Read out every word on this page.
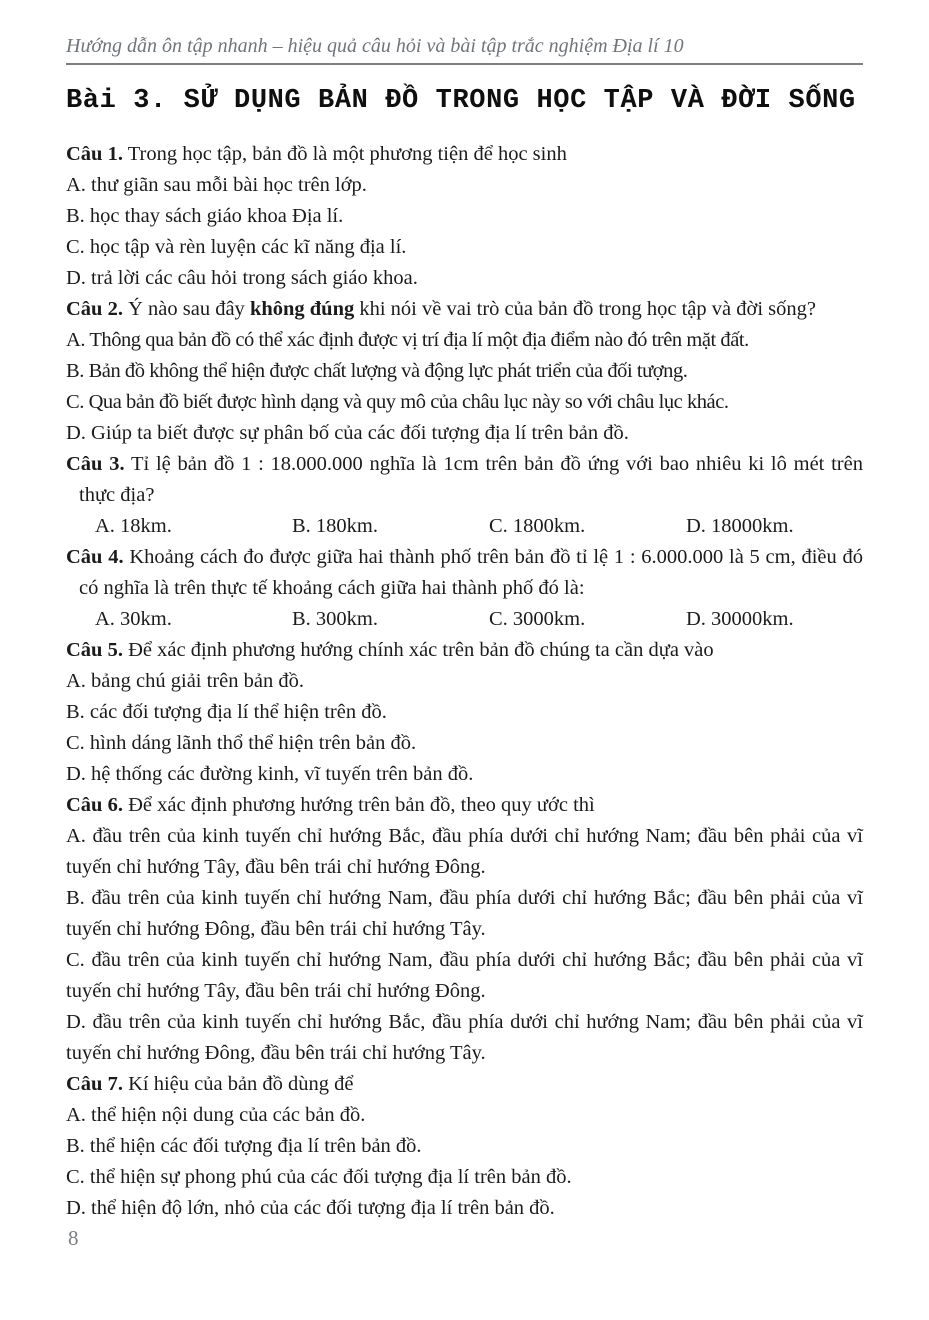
Hướng dẫn ôn tập nhanh – hiệu quả câu hỏi và bài tập trắc nghiệm Địa lí 10
Bài 3. SỬ DỤNG BẢN ĐỒ TRONG HỌC TẬP VÀ ĐỜI SỐNG

Câu 1. Trong học tập, bản đồ là một phương tiện để học sinh

A. thư giãn sau mỗi bài học trên lớp.

B. học thay sách giáo khoa Địa lí.

C. học tập và rèn luyện các kĩ năng địa lí.

D. trả lời các câu hỏi trong sách giáo khoa.

Câu 2. Ý nào sau đây không đúng khi nói về vai trò của bản đồ trong học tập và đời sống?

A. Thông qua bản đồ có thể xác định được vị trí địa lí một địa điểm nào đó trên mặt đất.

B. Bản đồ không thể hiện được chất lượng và động lực phát triển của đối tượng.

C. Qua bản đồ biết được hình dạng và quy mô của châu lục này so với châu lục khác.

D. Giúp ta biết được sự phân bố của các đối tượng địa lí trên bản đồ.

Câu 3. Tỉ lệ bản đồ 1 : 18.000.000 nghĩa là 1cm trên bản đồ ứng với bao nhiêu ki lô mét trên thực địa?

A. 18km.	B. 180km.	C. 1800km.	D. 18000km.

Câu 4. Khoảng cách đo được giữa hai thành phố trên bản đồ tỉ lệ 1 : 6.000.000 là 5 cm, điều đó có nghĩa là trên thực tế khoảng cách giữa hai thành phố đó là:

A. 30km.	B. 300km.	C. 3000km.	D. 30000km.

Câu 5. Để xác định phương hướng chính xác trên bản đồ chúng ta cần dựa vào

A. bảng chú giải trên bản đồ.

B. các đối tượng địa lí thể hiện trên đồ.

C. hình dáng lãnh thổ thể hiện trên bản đồ.

D. hệ thống các đường kinh, vĩ tuyến trên bản đồ.

Câu 6. Để xác định phương hướng trên bản đồ, theo quy ước thì

A. đầu trên của kinh tuyến chỉ hướng Bắc, đầu phía dưới chỉ hướng Nam; đầu bên phải của vĩ tuyến chỉ hướng Tây, đầu bên trái chỉ hướng Đông.

B. đầu trên của kinh tuyến chỉ hướng Nam, đầu phía dưới chỉ hướng Bắc; đầu bên phải của vĩ tuyến chỉ hướng Đông, đầu bên trái chỉ hướng Tây.

C. đầu trên của kinh tuyến chỉ hướng Nam, đầu phía dưới chỉ hướng Bắc; đầu bên phải của vĩ tuyến chỉ hướng Tây, đầu bên trái chỉ hướng Đông.

D. đầu trên của kinh tuyến chỉ hướng Bắc, đầu phía dưới chỉ hướng Nam; đầu bên phải của vĩ tuyến chỉ hướng Đông, đầu bên trái chỉ hướng Tây.

Câu 7. Kí hiệu của bản đồ dùng để

A. thể hiện nội dung của các bản đồ.

B. thể hiện các đối tượng địa lí trên bản đồ.

C. thể hiện sự phong phú của các đối tượng địa lí trên bản đồ.

D. thể hiện độ lớn, nhỏ của các đối tượng địa lí trên bản đồ.

8
